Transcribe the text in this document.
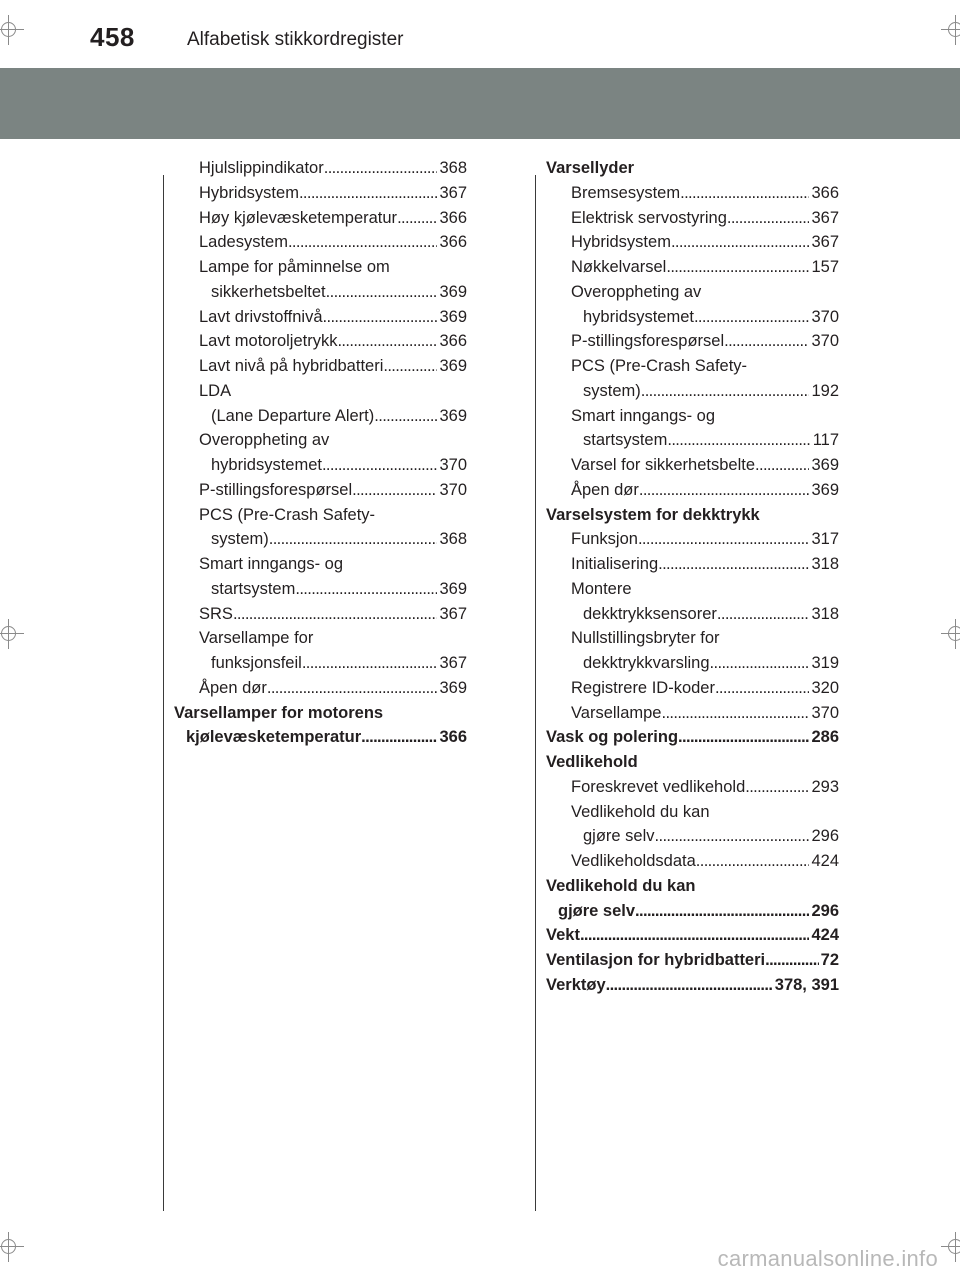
458	Alfabetisk stikkordregister
Hjulslippindikator . . .	368
Hybridsystem . . .	367
Høy kjølevæsketemperatur . . .	366
Ladesystem . . .	366
Lampe for påminnelse om
sikkerhetsbeltet . . .	369
Lavt drivstoffnivå . . .	369
Lavt motoroljetrykk . . .	366
Lavt nivå på hybridbatteri . . .	369
LDA
(Lane Departure Alert) . . .	369
Overoppheting av
hybridsystemet . . .	370
P-stillingsforespørsel . . .	370
PCS (Pre-Crash Safety-
system) . . .	368
Smart inngangs- og
startsystem . . .	369
SRS . . .	367
Varsellampe for
funksjonsfeil . . .	367
Åpen dør . . .	369
Varsellamper for motorens
kjølevæsketemperatur . . .	366
Varsellyder
Bremsesystem . . .	366
Elektrisk servostyring . . .	367
Hybridsystem . . .	367
Nøkkelvarsel . . .	157
Overoppheting av
hybridsystemet . . .	370
P-stillingsforespørsel . . .	370
PCS (Pre-Crash Safety-
system) . . .	192
Smart inngangs- og
startsystem . . .	117
Varsel for sikkerhetsbelte . . .	369
Åpen dør . . .	369
Varselsystem for dekktrykk
Funksjon . . .	317
Initialisering . . .	318
Montere
dekktrykksensorer . . .	318
Nullstillingsbryter for
dekktrykkvarsling . . .	319
Registrere ID-koder . . .	320
Varsellampe . . .	370
Vask og polering . . .	286
Vedlikehold
Foreskrevet vedlikehold . . .	293
Vedlikehold du kan
gjøre selv . . .	296
Vedlikeholdsdata . . .	424
Vedlikehold du kan
gjøre selv . . .	296
Vekt . . .	424
Ventilasjon for hybridbatteri . . .	72
Verktøy . . .	378, 391
carmanualsonline.info
